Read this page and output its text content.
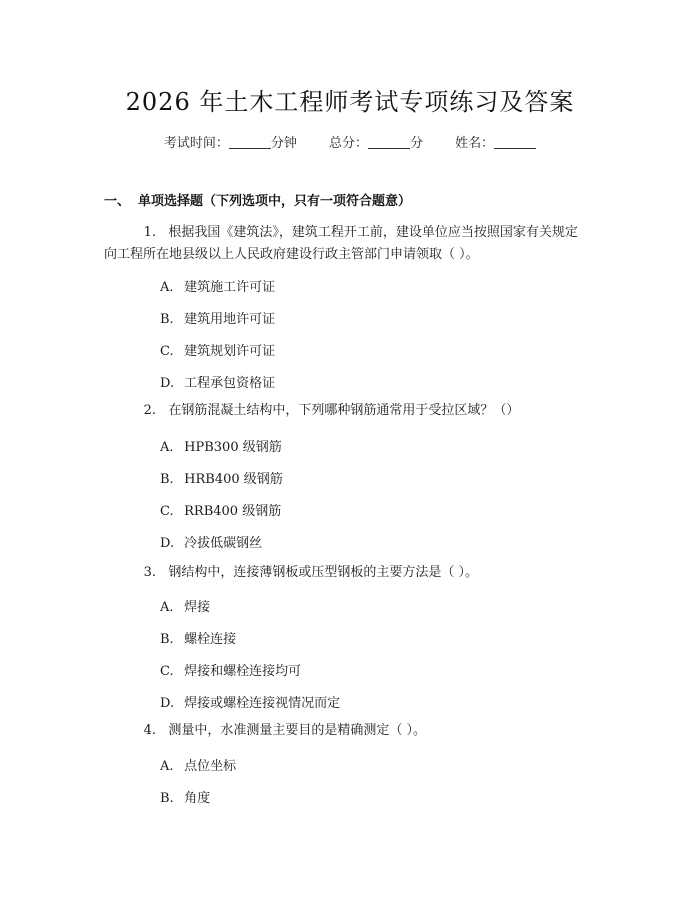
2026 年土木工程师考试专项练习及答案
考试时间：	分钟 总分：	分 姓名：
一、 单项选择题（下列选项中，只有一项符合题意）
1. 根据我国《建筑法》，建筑工程开工前，建设单位应当按照国家有关规定
向工程所在地县级以上人民政府建设行政主管部门申请领取（ ）。
A. 建筑施工许可证
B. 建筑用地许可证
C. 建筑规划许可证
D. 工程承包资格证
2. 在钢筋混凝土结构中，下列哪种钢筋通常用于受拉区域？（）
A. HPB300 级钢筋
B. HRB400 级钢筋
C. RRB400 级钢筋
D. 冷拔低碳钢丝
3. 钢结构中，连接薄钢板或压型钢板的主要方法是（ ）。
A. 焊接
B. 螺栓连接
C. 焊接和螺栓连接均可
D. 焊接或螺栓连接视情况而定
4. 测量中，水准测量主要目的是精确测定（ ）。
A. 点位坐标
B. 角度
